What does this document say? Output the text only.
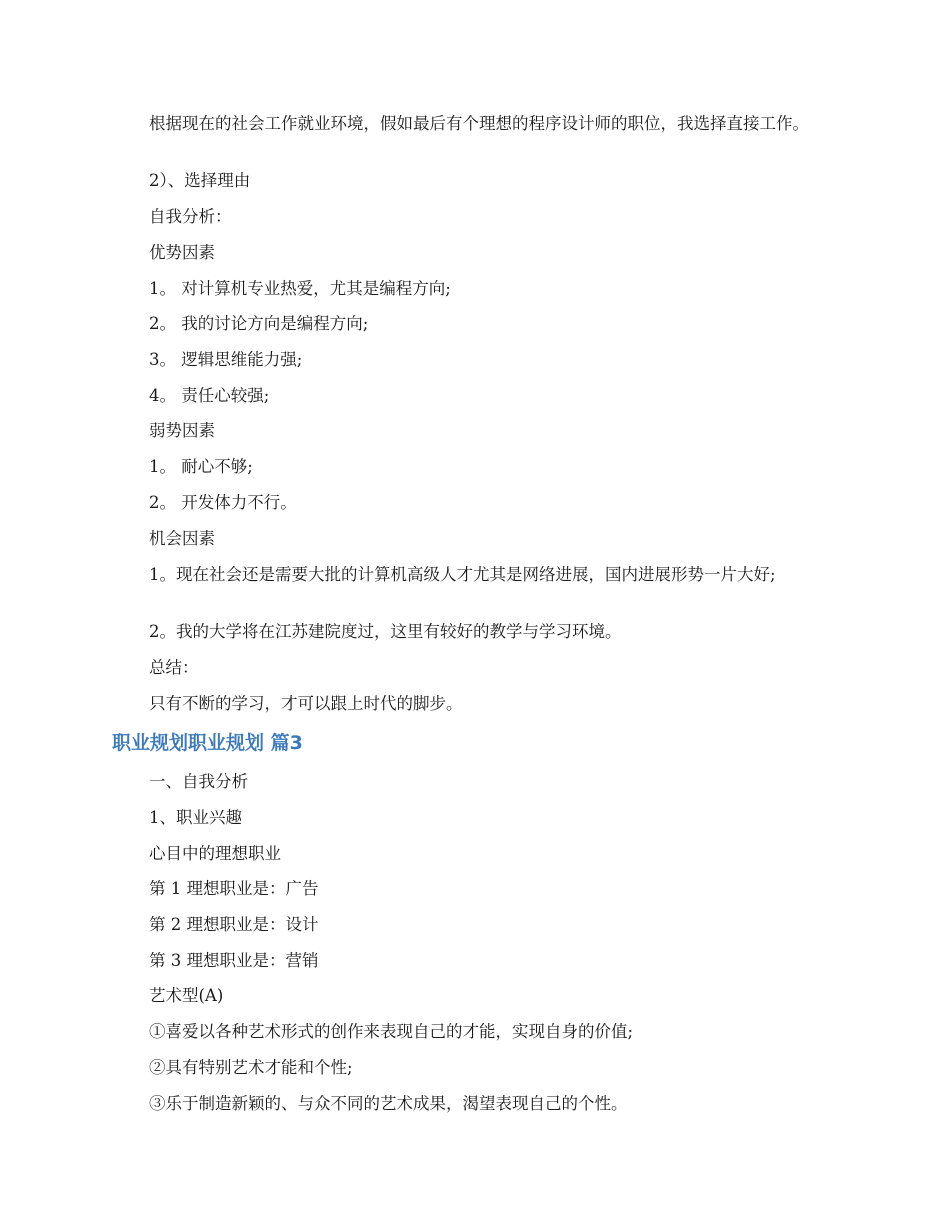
根据现在的社会工作就业环境，假如最后有个理想的程序设计师的职位，我选择直接工作。

2）、选择理由

自我分析：

优势因素

1。 对计算机专业热爱，尤其是编程方向;

2。 我的讨论方向是编程方向;

3。 逻辑思维能力强;

4。 责任心较强;

弱势因素

1。 耐心不够;

2。 开发体力不行。

机会因素

1。现在社会还是需要大批的计算机高级人才尤其是网络进展，国内进展形势一片大好;

2。我的大学将在江苏建院度过，这里有较好的教学与学习环境。

总结：

只有不断的学习，才可以跟上时代的脚步。

职业规划职业规划 篇3

一、自我分析

1、职业兴趣

心目中的理想职业

第 1 理想职业是：广告

第 2 理想职业是：设计

第 3 理想职业是：营销

艺术型(A)

①喜爱以各种艺术形式的创作来表现自己的才能，实现自身的价值;

②具有特别艺术才能和个性;

③乐于制造新颖的、与众不同的艺术成果，渴望表现自己的个性。
